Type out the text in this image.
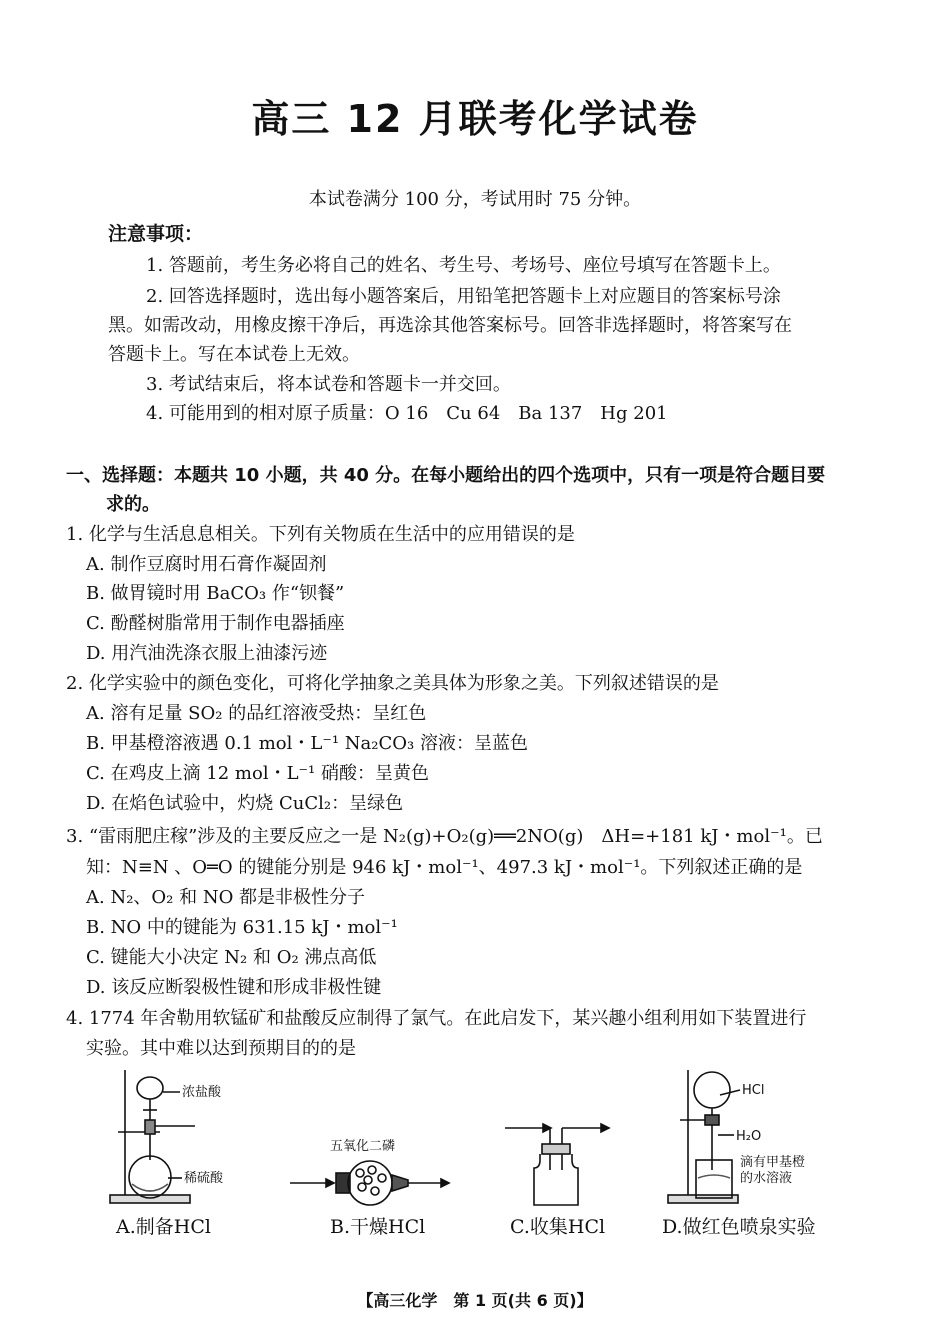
高三 12 月联考化学试卷
本试卷满分 100 分，考试用时 75 分钟。
注意事项：
1. 答题前，考生务必将自己的姓名、考生号、考场号、座位号填写在答题卡上。
2. 回答选择题时，选出每小题答案后，用铅笔把答题卡上对应题目的答案标号涂
黑。如需改动，用橡皮擦干净后，再选涂其他答案标号。回答非选择题时，将答案写在
答题卡上。写在本试卷上无效。
3. 考试结束后，将本试卷和答题卡一并交回。
4. 可能用到的相对原子质量：O 16　Cu 64　Ba 137　Hg 201
一、选择题：本题共 10 小题，共 40 分。在每小题给出的四个选项中，只有一项是符合题目要
求的。
1. 化学与生活息息相关。下列有关物质在生活中的应用错误的是
A. 制作豆腐时用石膏作凝固剂
B. 做胃镜时用 BaCO₃ 作“钡餐”
C. 酚醛树脂常用于制作电器插座
D. 用汽油洗涤衣服上油漆污迹
2. 化学实验中的颜色变化，可将化学抽象之美具体为形象之美。下列叙述错误的是
A. 溶有足量 SO₂ 的品红溶液受热：呈红色
B. 甲基橙溶液遇 0.1 mol・L⁻¹ Na₂CO₃ 溶液：呈蓝色
C. 在鸡皮上滴 12 mol・L⁻¹ 硝酸：呈黄色
D. 在焰色试验中，灼烧 CuCl₂：呈绿色
3. “雷雨肥庄稼”涉及的主要反应之一是 N₂(g)+O₂(g)══2NO(g)　ΔH=+181 kJ・mol⁻¹。已
知：N≡N 、O═O 的键能分别是 946 kJ・mol⁻¹、497.3 kJ・mol⁻¹。下列叙述正确的是
A. N₂、O₂ 和 NO 都是非极性分子
B. NO 中的键能为 631.15 kJ・mol⁻¹
C. 键能大小决定 N₂ 和 O₂ 沸点高低
D. 该反应断裂极性键和形成非极性键
4. 1774 年舍勒用软锰矿和盐酸反应制得了氯气。在此启发下，某兴趣小组利用如下装置进行
实验。其中难以达到预期目的的是
浓盐酸
稀硫酸
五氧化二磷
HCl
H₂O
滴有甲基橙
的水溶液
A.制备HCl	B.干燥HCl	C.收集HCl	D.做红色喷泉实验
【高三化学　第 1 页(共 6 页)】
